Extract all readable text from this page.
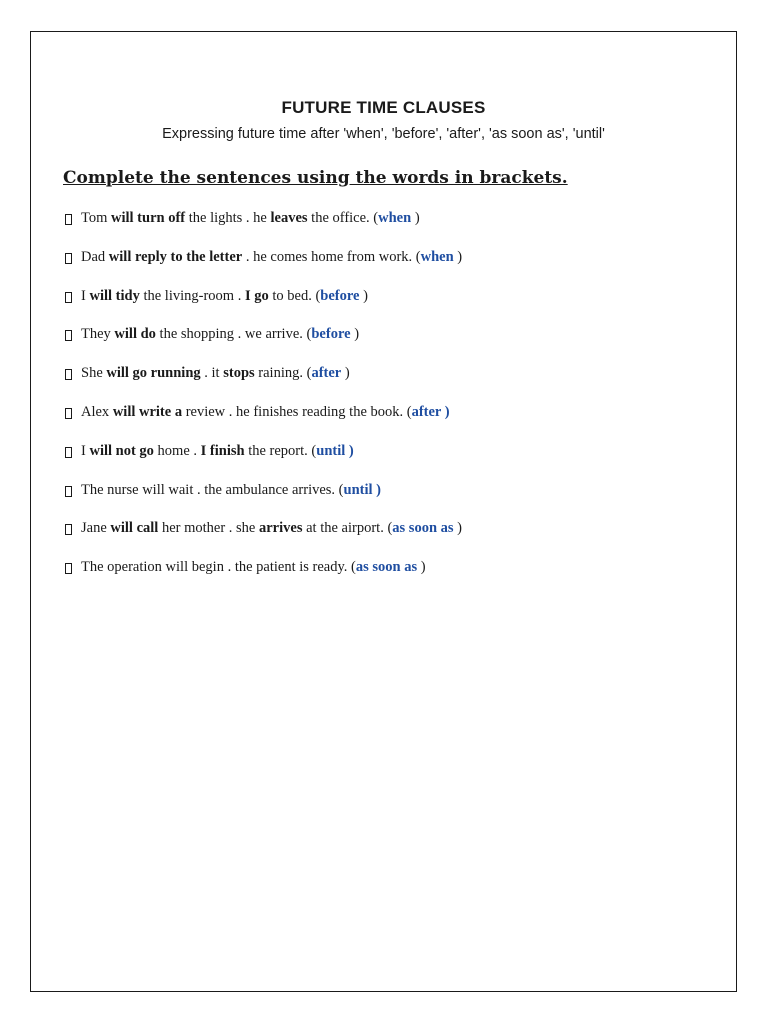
FUTURE TIME CLAUSES
Expressing future time after 'when', 'before', 'after', 'as soon as', 'until'
Complete the sentences using the words in brackets.
Tom will turn off the lights . he leaves the office. (when )
Dad will reply to the letter . he comes home from work. (when )
I will tidy the living-room . I go to bed. (before )
They will do the shopping . we arrive. (before )
She will go running . it stops raining. (after )
Alex will write a review . he finishes reading the book. (after )
I will not go home . I finish the report. (until )
The nurse will wait . the ambulance arrives. (until )
Jane will call her mother . she arrives at the airport. (as soon as )
The operation will begin . the patient is ready. (as soon as )
